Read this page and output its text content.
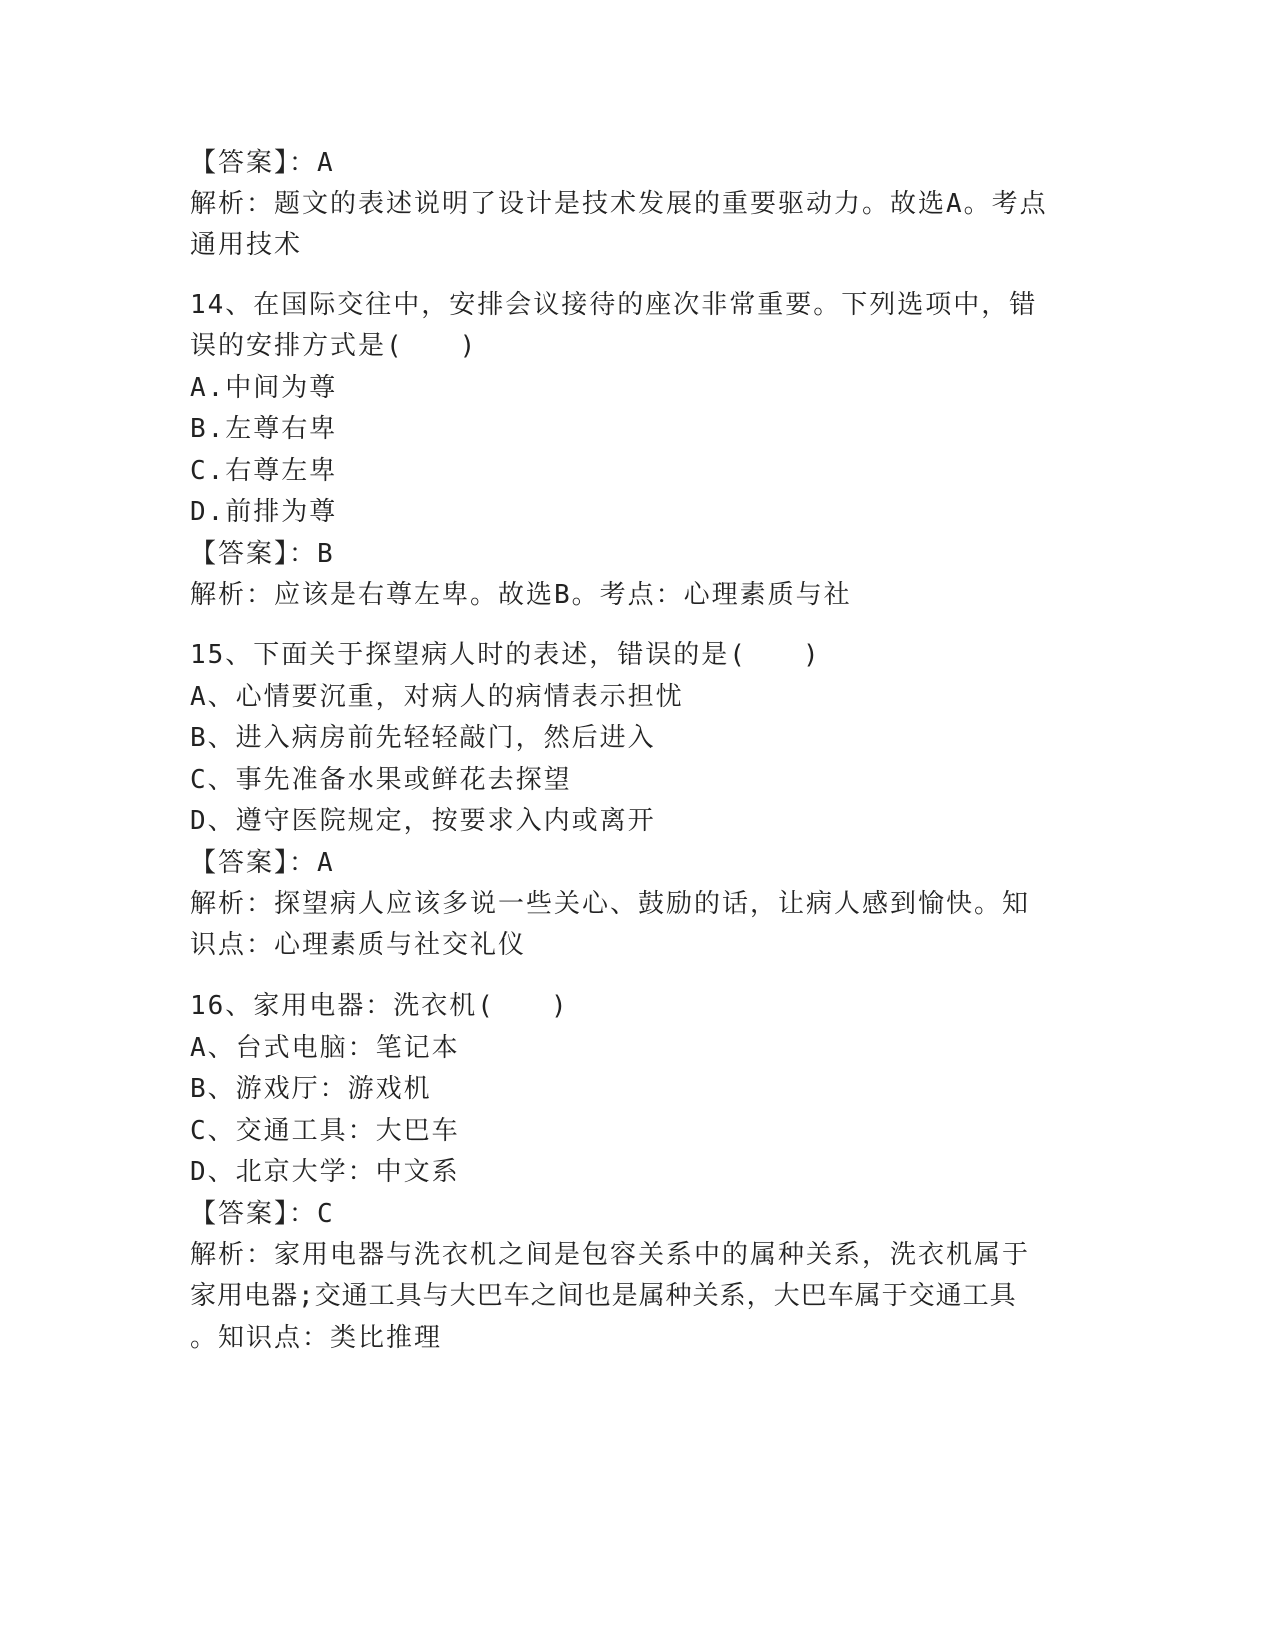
【答案】：A
解析：题文的表述说明了设计是技术发展的重要驱动力。故选A。考点
通用技术
14、在国际交往中，安排会议接待的座次非常重要。下列选项中，错
误的安排方式是(　　)
A.中间为尊
B.左尊右卑
C.右尊左卑
D.前排为尊
【答案】：B
解析：应该是右尊左卑。故选B。考点：心理素质与社
15、下面关于探望病人时的表述，错误的是(　　)
A、心情要沉重，对病人的病情表示担忧
B、进入病房前先轻轻敲门，然后进入
C、事先准备水果或鲜花去探望
D、遵守医院规定，按要求入内或离开
【答案】：A
解析：探望病人应该多说一些关心、鼓励的话，让病人感到愉快。知
识点：心理素质与社交礼仪
16、家用电器：洗衣机(　　)
A、台式电脑：笔记本
B、游戏厅：游戏机
C、交通工具：大巴车
D、北京大学：中文系
【答案】：C
解析：家用电器与洗衣机之间是包容关系中的属种关系，洗衣机属于
家用电器;交通工具与大巴车之间也是属种关系，大巴车属于交通工具
。知识点：类比推理
